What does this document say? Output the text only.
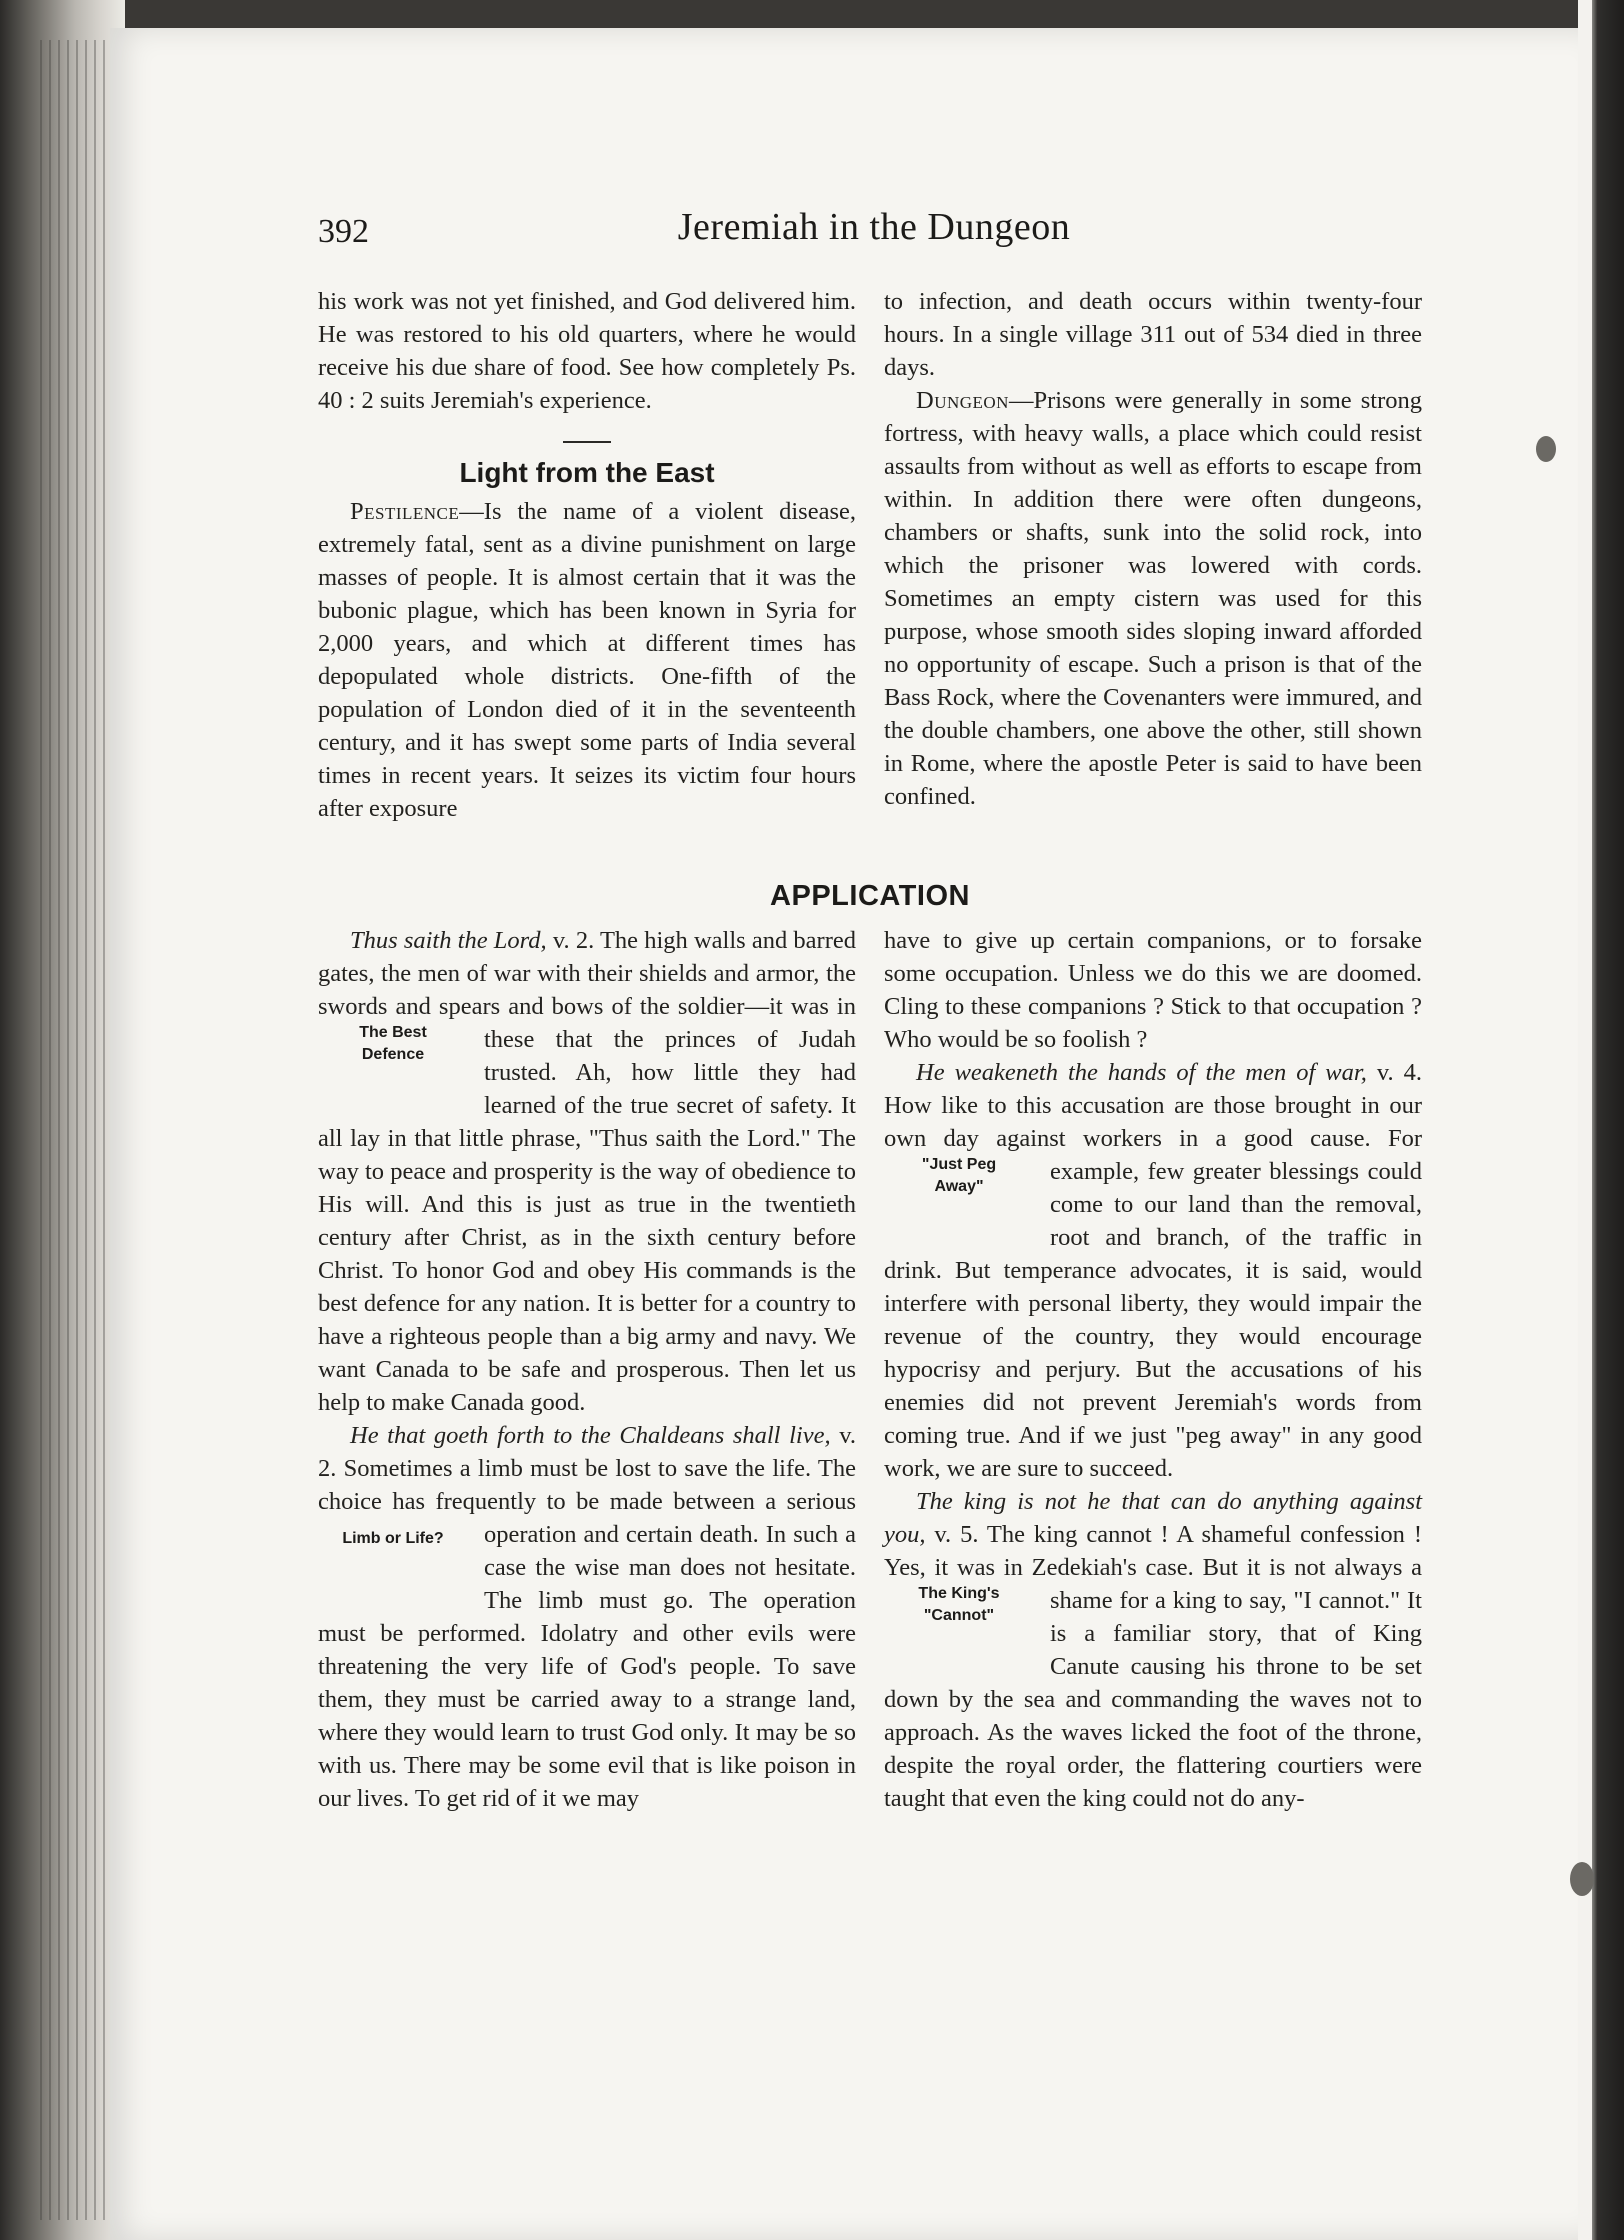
392	Jeremiah in the Dungeon

his work was not yet finished, and God delivered him. He was restored to his old quarters, where he would receive his due share of food. See how completely Ps. 40 : 2 suits Jeremiah's experience.

Light from the East

Pestilence—Is the name of a violent disease, extremely fatal, sent as a divine punishment on large masses of people. It is almost certain that it was the bubonic plague, which has been known in Syria for 2,000 years, and which at different times has depopulated whole districts. One-fifth of the population of London died of it in the seventeenth century, and it has swept some parts of India several times in recent years. It seizes its victim four hours after exposure

to infection, and death occurs within twenty-four hours. In a single village 311 out of 534 died in three days.

Dungeon—Prisons were generally in some strong fortress, with heavy walls, a place which could resist assaults from without as well as efforts to escape from within. In addition there were often dungeons, chambers or shafts, sunk into the solid rock, into which the prisoner was lowered with cords. Sometimes an empty cistern was used for this purpose, whose smooth sides sloping inward afforded no opportunity of escape. Such a prison is that of the Bass Rock, where the Covenanters were immured, and the double chambers, one above the other, still shown in Rome, where the apostle Peter is said to have been confined.

APPLICATION

Thus saith the Lord, v. 2. The high walls and barred gates, the men of war with their shields and armor, the swords and spears
The Best
Defence
and bows of the soldier—it was in these that the princes of Judah trusted. Ah, how little they had learned of the true secret of safety. It all lay in that little phrase, "Thus saith the Lord." The way to peace and prosperity is the way of obedience to His will. And this is just as true in the twentieth century after Christ, as in the sixth century before Christ. To honor God and obey His commands is the best defence for any nation. It is better for a country to have a righteous people than a big army and navy. We want Canada to be safe and prosperous. Then let us help to make Canada good.

He that goeth forth to the Chaldeans shall live, v. 2. Sometimes a limb must be lost to save the life. The choice has frequently to be
Limb or Life?
made between a serious operation and certain death. In such a case the wise man does not hesitate. The limb must go. The operation must be performed. Idolatry and other evils were threatening the very life of God's people. To save them, they must be carried away to a strange land, where they would learn to trust God only. It may be so with us. There may be some evil that is like poison in our lives. To get rid of it we may

have to give up certain companions, or to forsake some occupation. Unless we do this we are doomed. Cling to these companions ? Stick to that occupation ? Who would be so foolish ?

He weakeneth the hands of the men of war, v. 4. How like to this accusation are those brought in our own day against workers in a
"Just Peg
Away"
good cause. For example, few greater blessings could come to our land than the removal, root and branch, of the traffic in drink. But temperance advocates, it is said, would interfere with personal liberty, they would impair the revenue of the country, they would encourage hypocrisy and perjury. But the accusations of his enemies did not prevent Jeremiah's words from coming true. And if we just "peg away" in any good work, we are sure to succeed.

The king is not he that can do anything against you, v. 5. The king cannot ! A shameful confession ! Yes, it was in Zede
The King's
"Cannot"
kiah's case. But it is not always a shame for a king to say, "I cannot." It is a familiar story, that of King Canute causing his throne to be set down by the sea and commanding the waves not to approach. As the waves licked the foot of the throne, despite the royal order, the flattering courtiers were taught that even the king could not do any-
